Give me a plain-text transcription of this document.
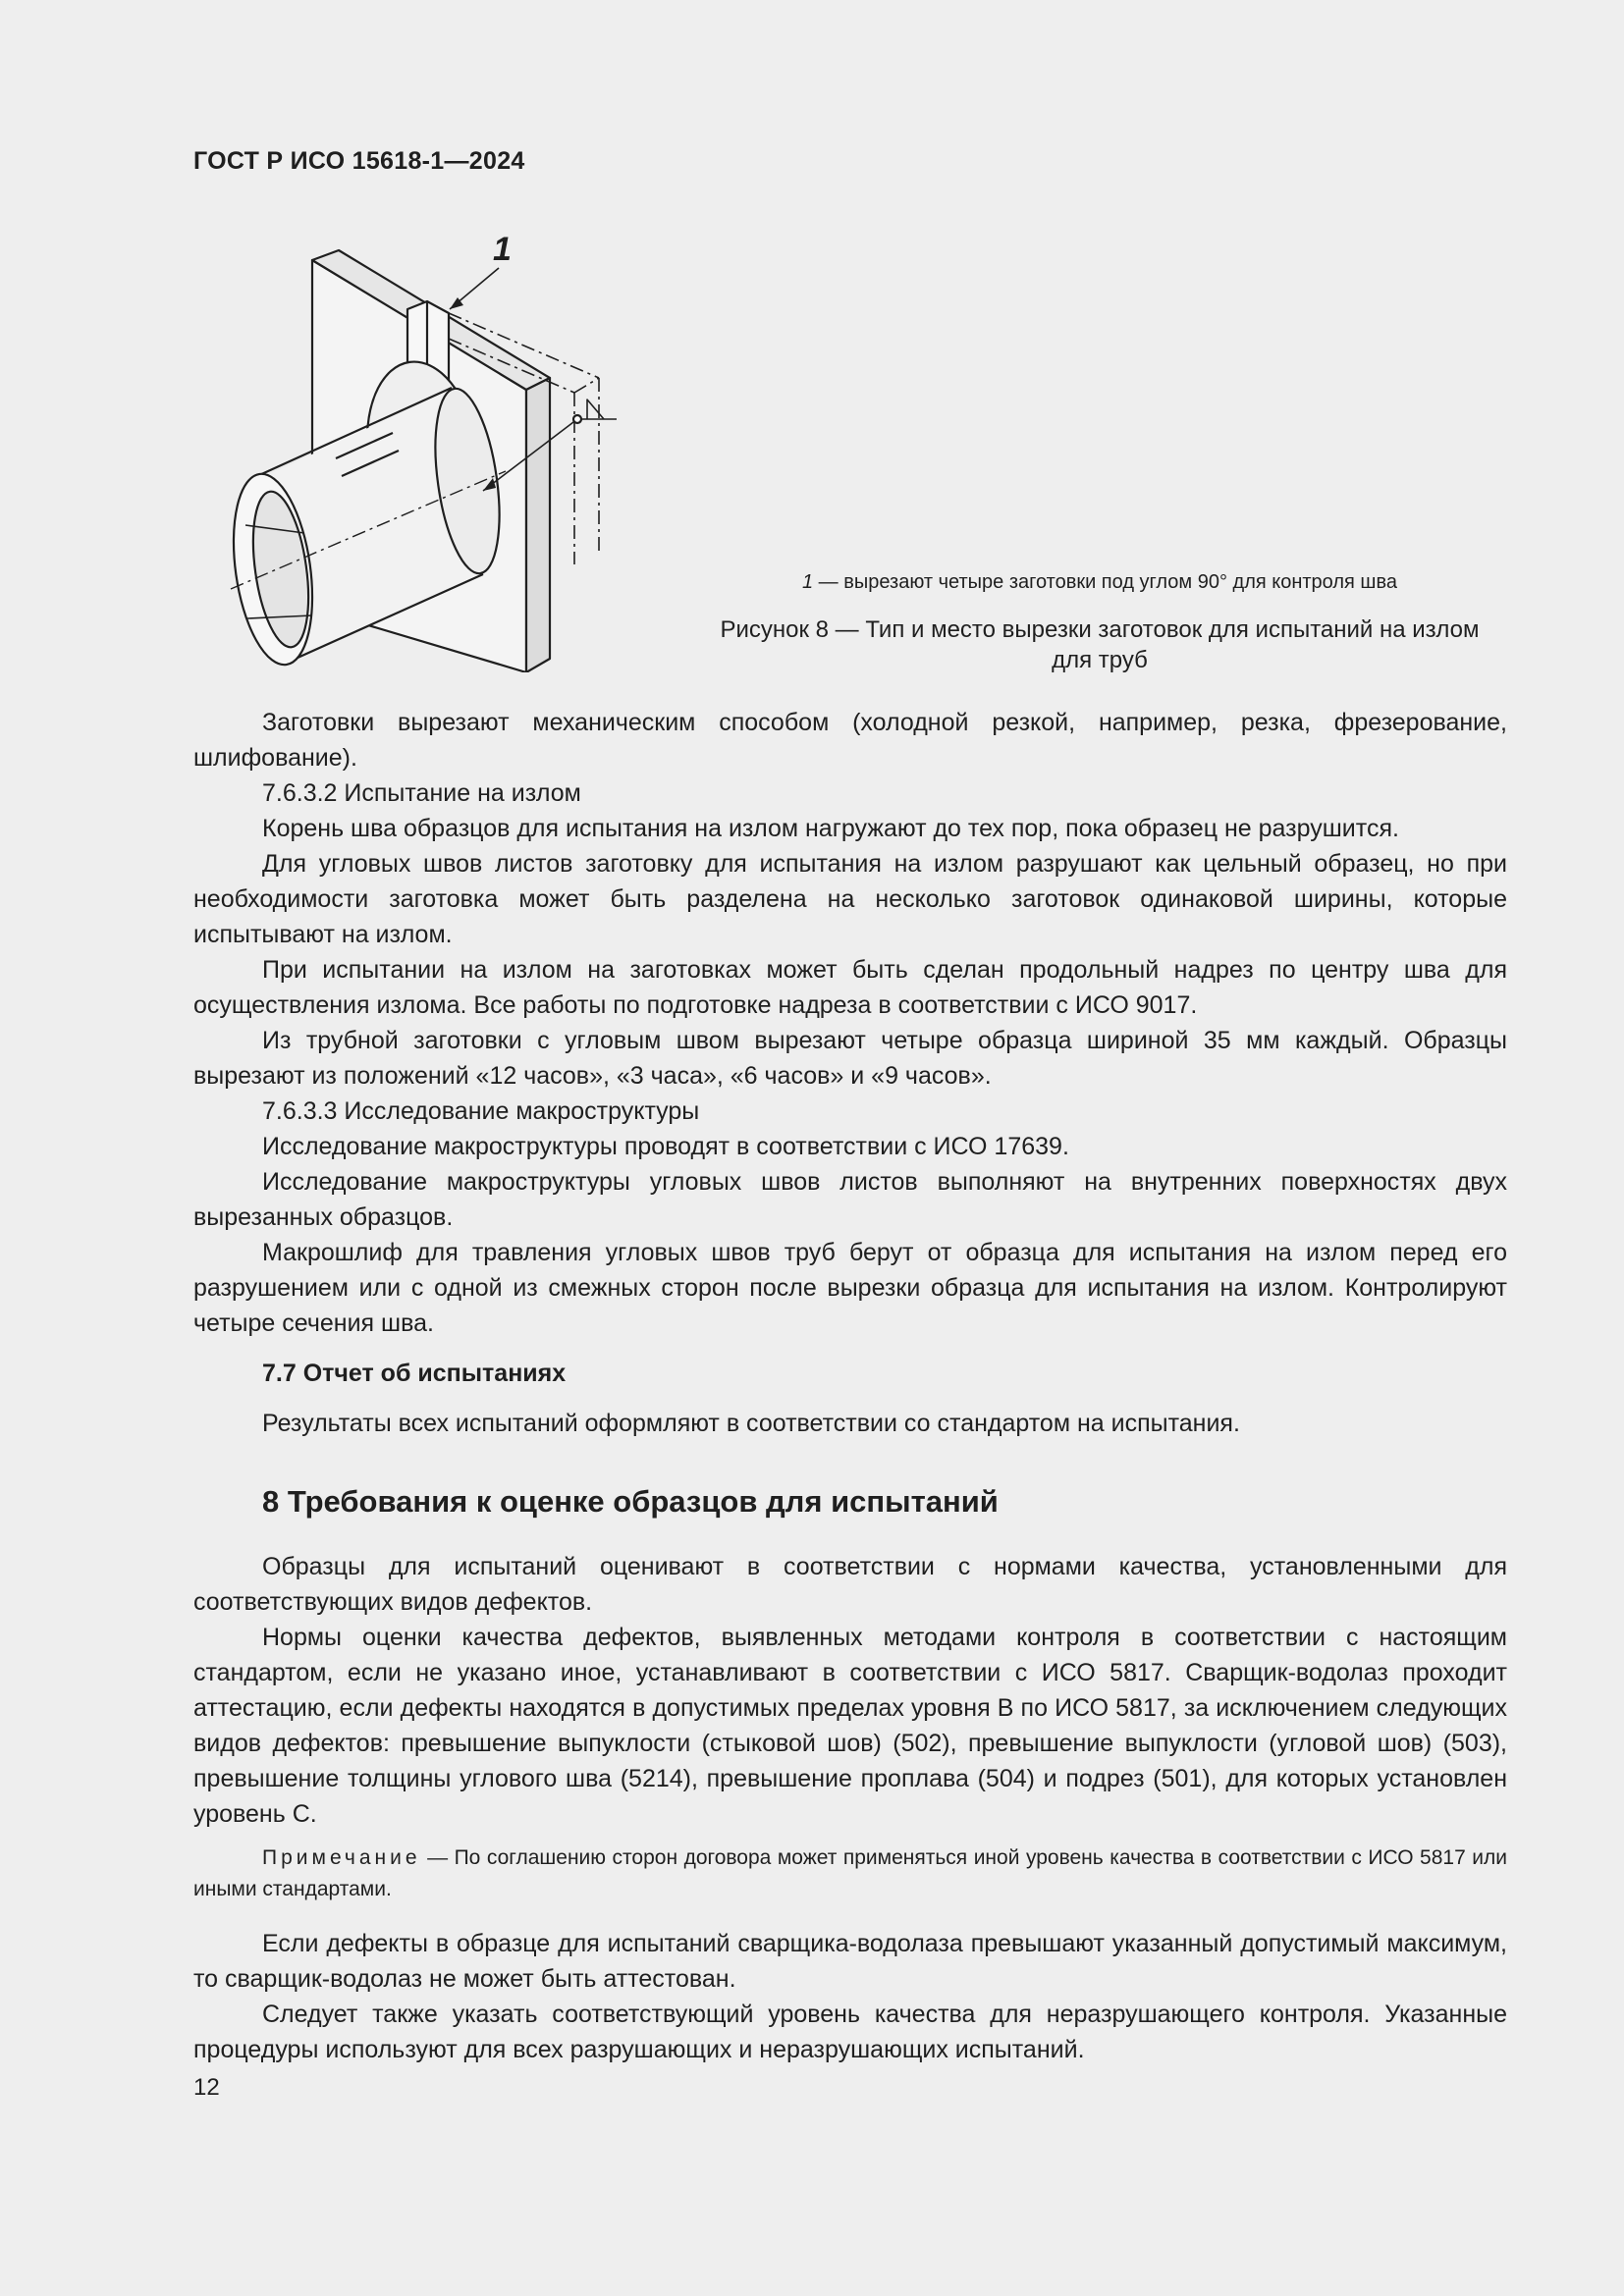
ГОСТ Р ИСО 15618-1—2024
1
1 — вырезают четыре заготовки под углом 90° для контроля шва
Рисунок 8 — Тип и место вырезки заготовок для испытаний на излом
для труб

Заготовки вырезают механическим способом (холодной резкой, например, резка, фрезерование, шлифование).

7.6.3.2 Испытание на излом

Корень шва образцов для испытания на излом нагружают до тех пор, пока образец не разрушится.

Для угловых швов листов заготовку для испытания на излом разрушают как цельный образец, но при необходимости заготовка может быть разделена на несколько заготовок одинаковой ширины, которые испытывают на излом.

При испытании на излом на заготовках может быть сделан продольный надрез по центру шва для осуществления излома. Все работы по подготовке надреза в соответствии с ИСО 9017.

Из трубной заготовки с угловым швом вырезают четыре образца шириной 35 мм каждый. Образцы вырезают из положений «12 часов», «3 часа», «6 часов» и «9 часов».

7.6.3.3 Исследование макроструктуры

Исследование макроструктуры проводят в соответствии с ИСО 17639.

Исследование макроструктуры угловых швов листов выполняют на внутренних поверхностях двух вырезанных образцов.

Макрошлиф для травления угловых швов труб берут от образца для испытания на излом перед его разрушением или с одной из смежных сторон после вырезки образца для испытания на излом. Контролируют четыре сечения шва.

7.7 Отчет об испытаниях

Результаты всех испытаний оформляют в соответствии со стандартом на испытания.

8 Требования к оценке образцов для испытаний

Образцы для испытаний оценивают в соответствии с нормами качества, установленными для соответствующих видов дефектов.

Нормы оценки качества дефектов, выявленных методами контроля в соответствии с настоящим стандартом, если не указано иное, устанавливают в соответствии с ИСО 5817. Сварщик-водолаз проходит аттестацию, если дефекты находятся в допустимых пределах уровня B по ИСО 5817, за исключением следующих видов дефектов: превышение выпуклости (стыковой шов) (502), превышение выпуклости (угловой шов) (503), превышение толщины углового шва (5214), превышение проплава (504) и подрез (501), для которых установлен уровень C.

Примечание — По соглашению сторон договора может применяться иной уровень качества в соответствии с ИСО 5817 или иными стандартами.

Если дефекты в образце для испытаний сварщика-водолаза превышают указанный допустимый максимум, то сварщик-водолаз не может быть аттестован.

Следует также указать соответствующий уровень качества для неразрушающего контроля. Указанные процедуры используют для всех разрушающих и неразрушающих испытаний.

12
